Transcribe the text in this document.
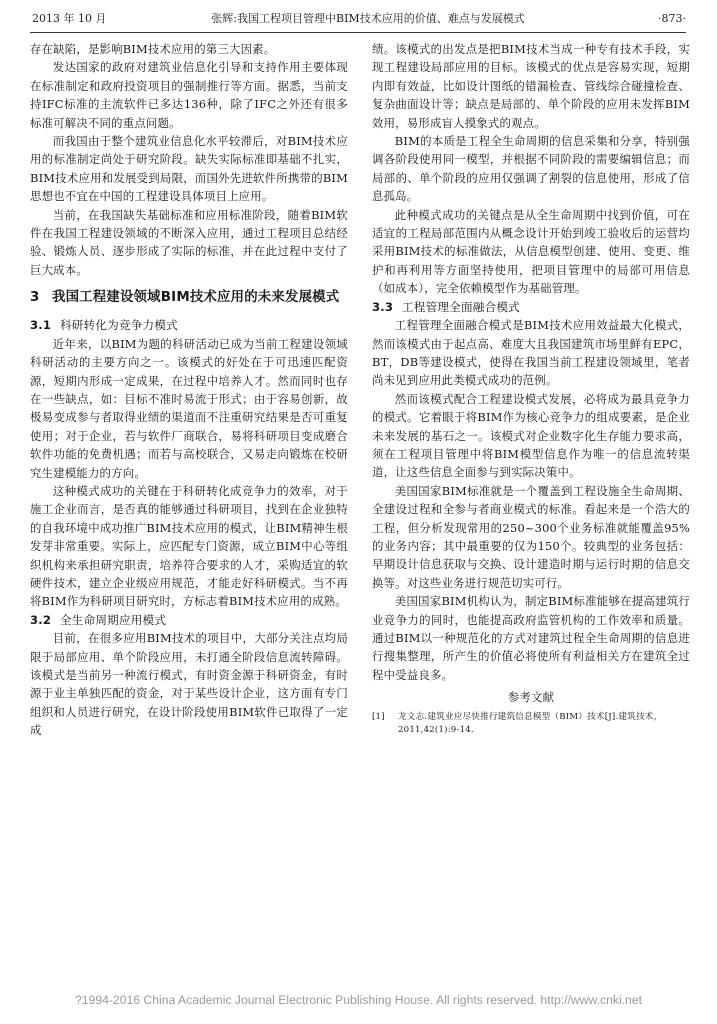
2013 年 10 月	张辉:我国工程项目管理中BIM技术应用的价值、难点与发展模式	·873·

存在缺陷，是影响BIM技术应用的第三大因素。

发达国家的政府对建筑业信息化引导和支持作用主要体现在标准制定和政府投资项目的强制推行等方面。据悉，当前支持IFC标准的主流软件已多达136种，除了IFC之外还有很多标准可解决不同的重点问题。

而我国由于整个建筑业信息化水平较滞后，对BIM技术应用的标准制定尚处于研究阶段。缺失实际标准即基础不扎实，BIM技术应用和发展受到局限，而国外先进软件所携带的BIM思想也不宜在中国的工程建设具体项目上应用。

当前，在我国缺失基础标准和应用标准阶段，随着BIM软件在我国工程建设领域的不断深入应用，通过工程项目总结经验、锻炼人员、逐步形成了实际的标准，并在此过程中支付了巨大成本。

3 我国工程建设领域BIM技术应用的未来发展模式
3.1 科研转化为竞争力模式

近年来，以BIM为题的科研活动已成为当前工程建设领域科研活动的主要方向之一。该模式的好处在于可迅速匹配资源，短期内形成一定成果，在过程中培养人才。然而同时也存在一些缺点，如：目标不准时易流于形式；由于容易创新，故极易变成参与者取得业绩的渠道而不注重研究结果是否可重复使用；对于企业，若与软件厂商联合，易将科研项目变成磨合软件功能的免费机遇；而若与高校联合，又易走向锻炼在校研究生建模能力的方向。

这种模式成功的关键在于科研转化成竞争力的效率，对于施工企业而言，是否真的能够通过科研项目，找到在企业独特的自我环境中成功推广BIM技术应用的模式，让BIM精神生根发芽非常重要。实际上，应匹配专门资源，成立BIM中心等组织机构来承担研究职责，培养符合要求的人才，采购适宜的软硬件技术，建立企业级应用规范，才能走好科研模式。当不再将BIM作为科研项目研究时，方标志着BIM技术应用的成熟。

3.2 全生命周期应用模式

目前，在很多应用BIM技术的项目中，大部分关注点均局限于局部应用、单个阶段应用，未打通全阶段信息流转障碍。该模式是当前另一种流行模式，有时资金源于科研资金，有时源于业主单独匹配的资金，对于某些设计企业，这方面有专门组织和人员进行研究，在设计阶段使用BIM软件已取得了一定成

绩。该模式的出发点是把BIM技术当成一种专有技术手段，实现工程建设局部应用的目标。该模式的优点是容易实现，短期内即有效益，比如设计图纸的错漏检查、管线综合碰撞检查、复杂曲面设计等；缺点是局部的、单个阶段的应用未发挥BIM效用，易形成盲人摸象式的观点。

BIM的本质是工程全生命周期的信息采集和分享，特别强调各阶段使用同一模型，并根据不同阶段的需要编辑信息；而局部的、单个阶段的应用仅强调了割裂的信息使用，形成了信息孤岛。

此种模式成功的关键点是从全生命周期中找到价值，可在适宜的工程局部范围内从概念设计开始到竣工验收后的运营均采用BIM技术的标准做法，从信息模型创建、使用、变更、维护和再利用等方面坚持使用，把项目管理中的局部可用信息（如成本），完全依赖模型作为基础管理。

3.3 工程管理全面融合模式

工程管理全面融合模式是BIM技术应用效益最大化模式，然而该模式由于起点高、难度大且我国建筑市场里鲜有EPC，BT，DB等建设模式，使得在我国当前工程建设领域里，笔者尚未见到应用此类模式成功的范例。

然而该模式配合工程建设模式发展，必将成为最具竞争力的模式。它着眼于将BIM作为核心竞争力的组成要素，是企业未来发展的基石之一。该模式对企业数字化生存能力要求高，须在工程项目管理中将BIM模型信息作为唯一的信息流转渠道，让这些信息全面参与到实际决策中。

美国国家BIM标准就是一个覆盖到工程设施全生命周期、全建设过程和全参与者商业模式的标准。看起来是一个浩大的工程，但分析发现常用的250~300个业务标准就能覆盖95%的业务内容；其中最重要的仅为150个。较典型的业务包括：早期设计信息获取与交换、设计建造时期与运行时期的信息交换等。对这些业务进行规范切实可行。

美国国家BIM机构认为，制定BIM标准能够在提高建筑行业竞争力的同时，也能提高政府监管机构的工作效率和质量。通过BIM以一种规范化的方式对建筑过程全生命周期的信息进行搜集整理，所产生的价值必将使所有利益相关方在建筑全过程中受益良多。

参考文献
[1]	龙文志.建筑业应尽快推行建筑信息模型（BIM）技术[J].建筑技术，2011,42(1):9-14.
?1994-2016 China Academic Journal Electronic Publishing House. All rights reserved. http://www.cnki.net
